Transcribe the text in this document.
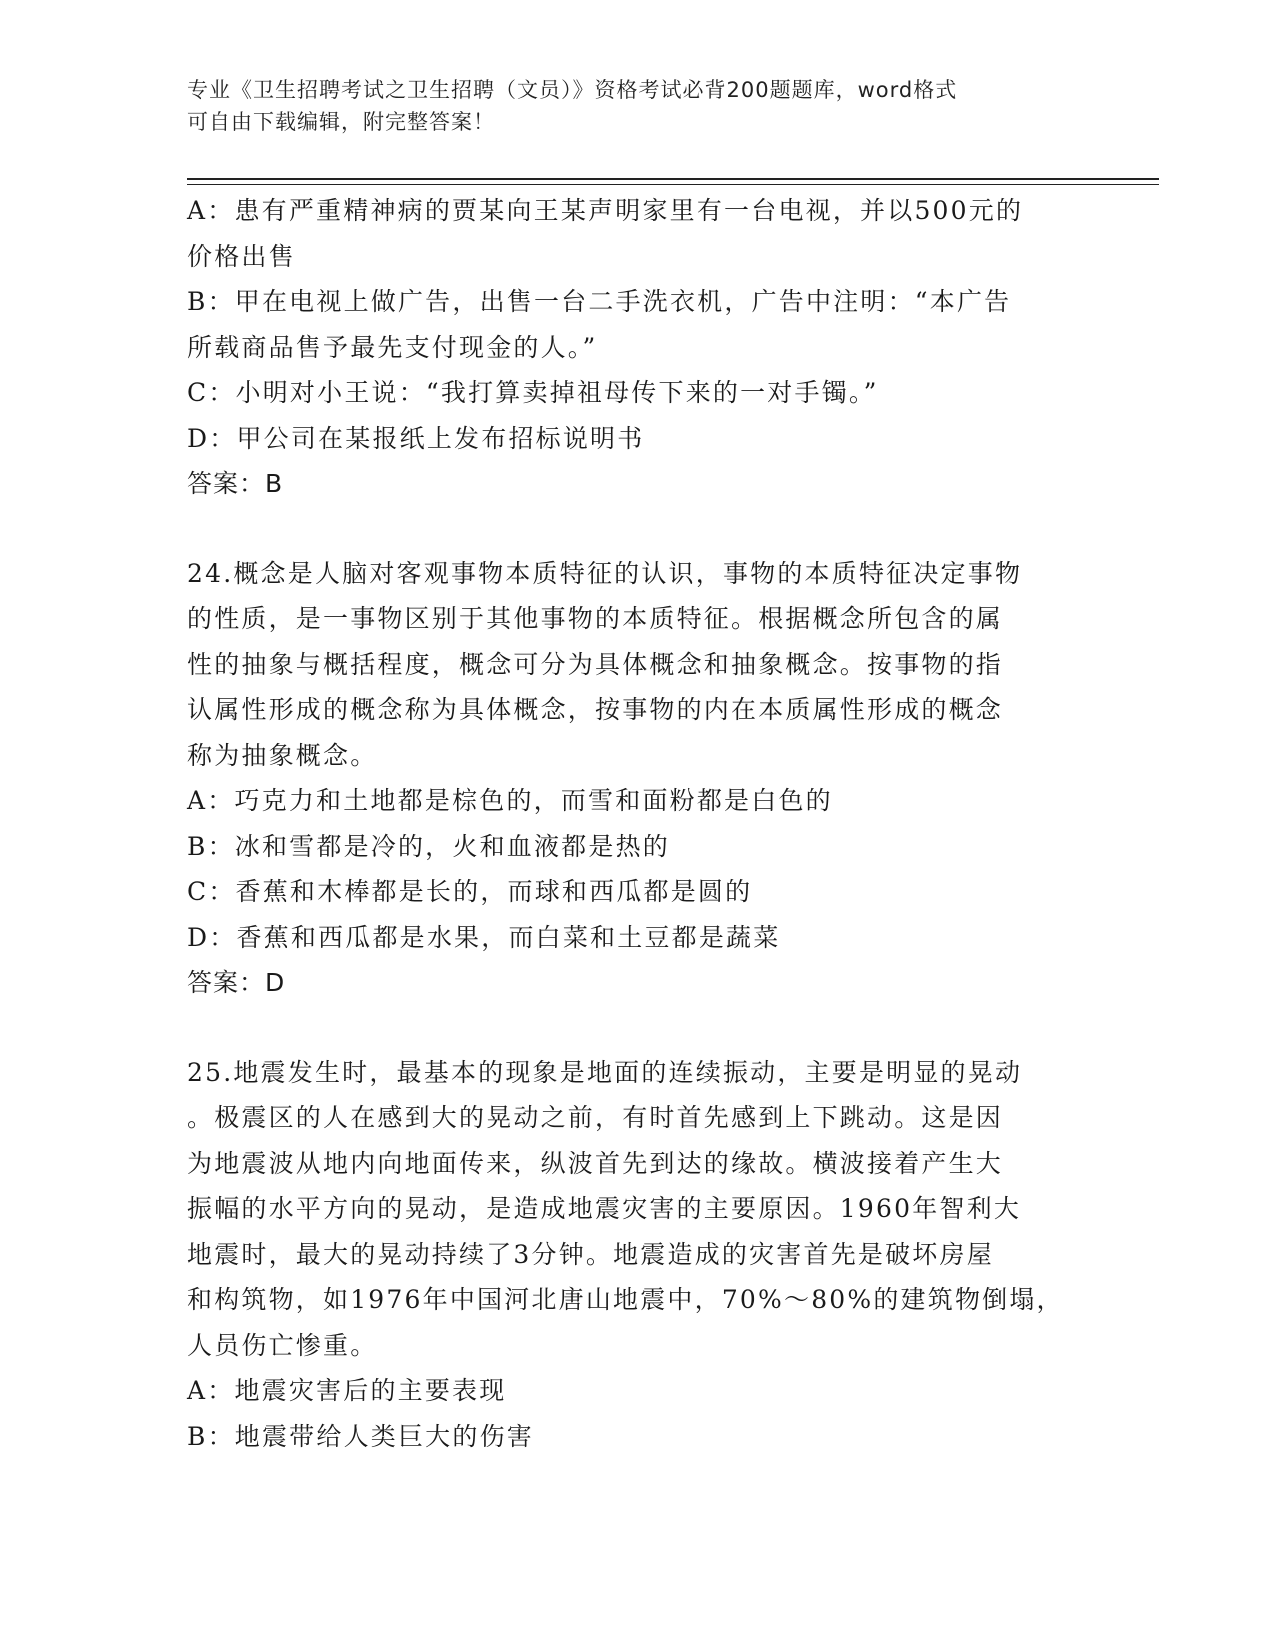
专业《卫生招聘考试之卫生招聘（文员）》资格考试必背200题题库，word格式
可自由下载编辑，附完整答案！
A：患有严重精神病的贾某向王某声明家里有一台电视，并以500元的
价格出售
B：甲在电视上做广告，出售一台二手洗衣机，广告中注明：“本广告
所载商品售予最先支付现金的人。”
C：小明对小王说：“我打算卖掉祖母传下来的一对手镯。”
D：甲公司在某报纸上发布招标说明书
答案：B
24.概念是人脑对客观事物本质特征的认识，事物的本质特征决定事物
的性质，是一事物区别于其他事物的本质特征。根据概念所包含的属
性的抽象与概括程度，概念可分为具体概念和抽象概念。按事物的指
认属性形成的概念称为具体概念，按事物的内在本质属性形成的概念
称为抽象概念。
A：巧克力和土地都是棕色的，而雪和面粉都是白色的
B：冰和雪都是冷的，火和血液都是热的
C：香蕉和木棒都是长的，而球和西瓜都是圆的
D：香蕉和西瓜都是水果，而白菜和土豆都是蔬菜
答案：D
25.地震发生时，最基本的现象是地面的连续振动，主要是明显的晃动
。极震区的人在感到大的晃动之前，有时首先感到上下跳动。这是因
为地震波从地内向地面传来，纵波首先到达的缘故。横波接着产生大
振幅的水平方向的晃动，是造成地震灾害的主要原因。1960年智利大
地震时，最大的晃动持续了3分钟。地震造成的灾害首先是破坏房屋
和构筑物，如1976年中国河北唐山地震中，70%～80%的建筑物倒塌，
人员伤亡惨重。
A：地震灾害后的主要表现
B：地震带给人类巨大的伤害
